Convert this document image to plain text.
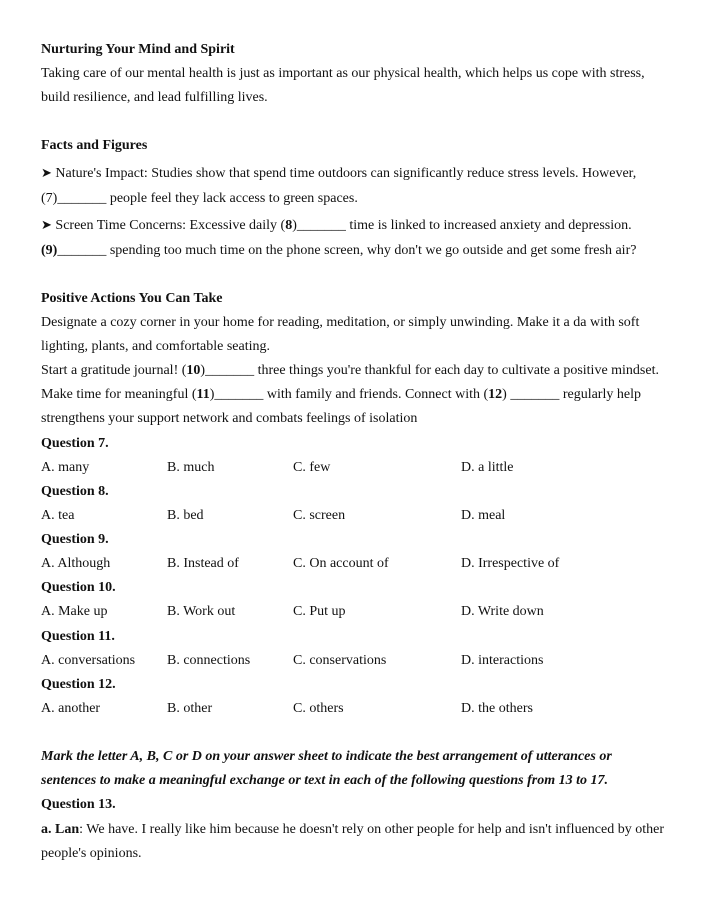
Nurturing Your Mind and Spirit
Taking care of our mental health is just as important as our physical health, which helps us cope with stress,
build resilience, and lead fulfilling lives.
Facts and Figures
➤ Nature's Impact: Studies show that spend time outdoors can significantly reduce stress levels. However,
(7)_______ people feel they lack access to green spaces.
➤ Screen Time Concerns: Excessive daily (8)_______ time is linked to increased anxiety and depression.
(9)_______ spending too much time on the phone screen, why don't we go outside and get some fresh air?
Positive Actions You Can Take
Designate a cozy corner in your home for reading, meditation, or simply unwinding. Make it a da with soft
lighting, plants, and comfortable seating.
Start a gratitude journal! (10)_______ three things you're thankful for each day to cultivate a positive mindset.
Make time for meaningful (11)_______ with family and friends. Connect with (12) _______ regularly help
strengthens your support network and combats feelings of isolation
Question 7.
A. many	B. much	C. few	D. a little
Question 8.
A. tea	B. bed	C. screen	D. meal
Question 9.
A. Although	B. Instead of	C. On account of	D. Irrespective of
Question 10.
A. Make up	B. Work out	C. Put up	D. Write down
Question 11.
A. conversations B. connections	C. conservations	D. interactions
Question 12.
A. another	B. other	C. others	D. the others
Mark the letter A, B, C or D on your answer sheet to indicate the best arrangement of utterances or
sentences to make a meaningful exchange or text in each of the following questions from 13 to 17.
Question 13.
a. Lan: We have. I really like him because he doesn't rely on other people for help and isn't influenced by other
people's opinions.
